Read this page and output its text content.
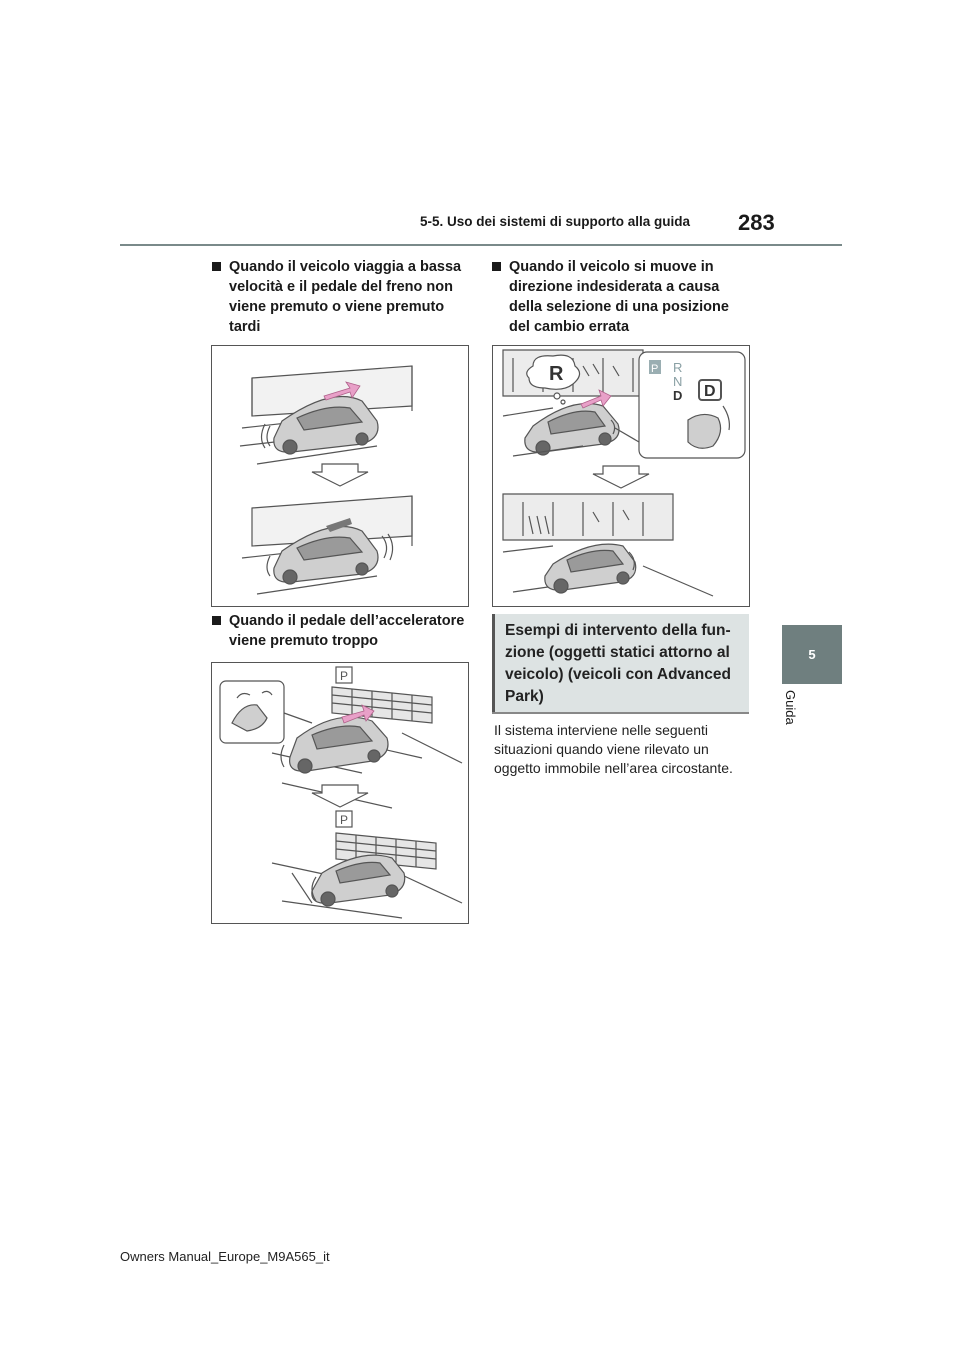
5-5. Uso dei sistemi di supporto alla guida 283
5
Guida
Quando il veicolo viaggia a bassa velocità e il pedale del freno non viene premuto o viene premuto tardi
Quando il pedale dell’acceleratore viene premuto troppo
P
P
Quando il veicolo si muove in direzione indesiderata a causa della selezione di una posizione del cambio errata
R	P R
N
D D
Esempi di intervento della fun-zione (oggetti statici attorno al veicolo) (veicoli con Advanced Park)
Il sistema interviene nelle seguenti situazioni quando viene rilevato un oggetto immobile nell’area circostante.
Owners Manual_Europe_M9A565_it
